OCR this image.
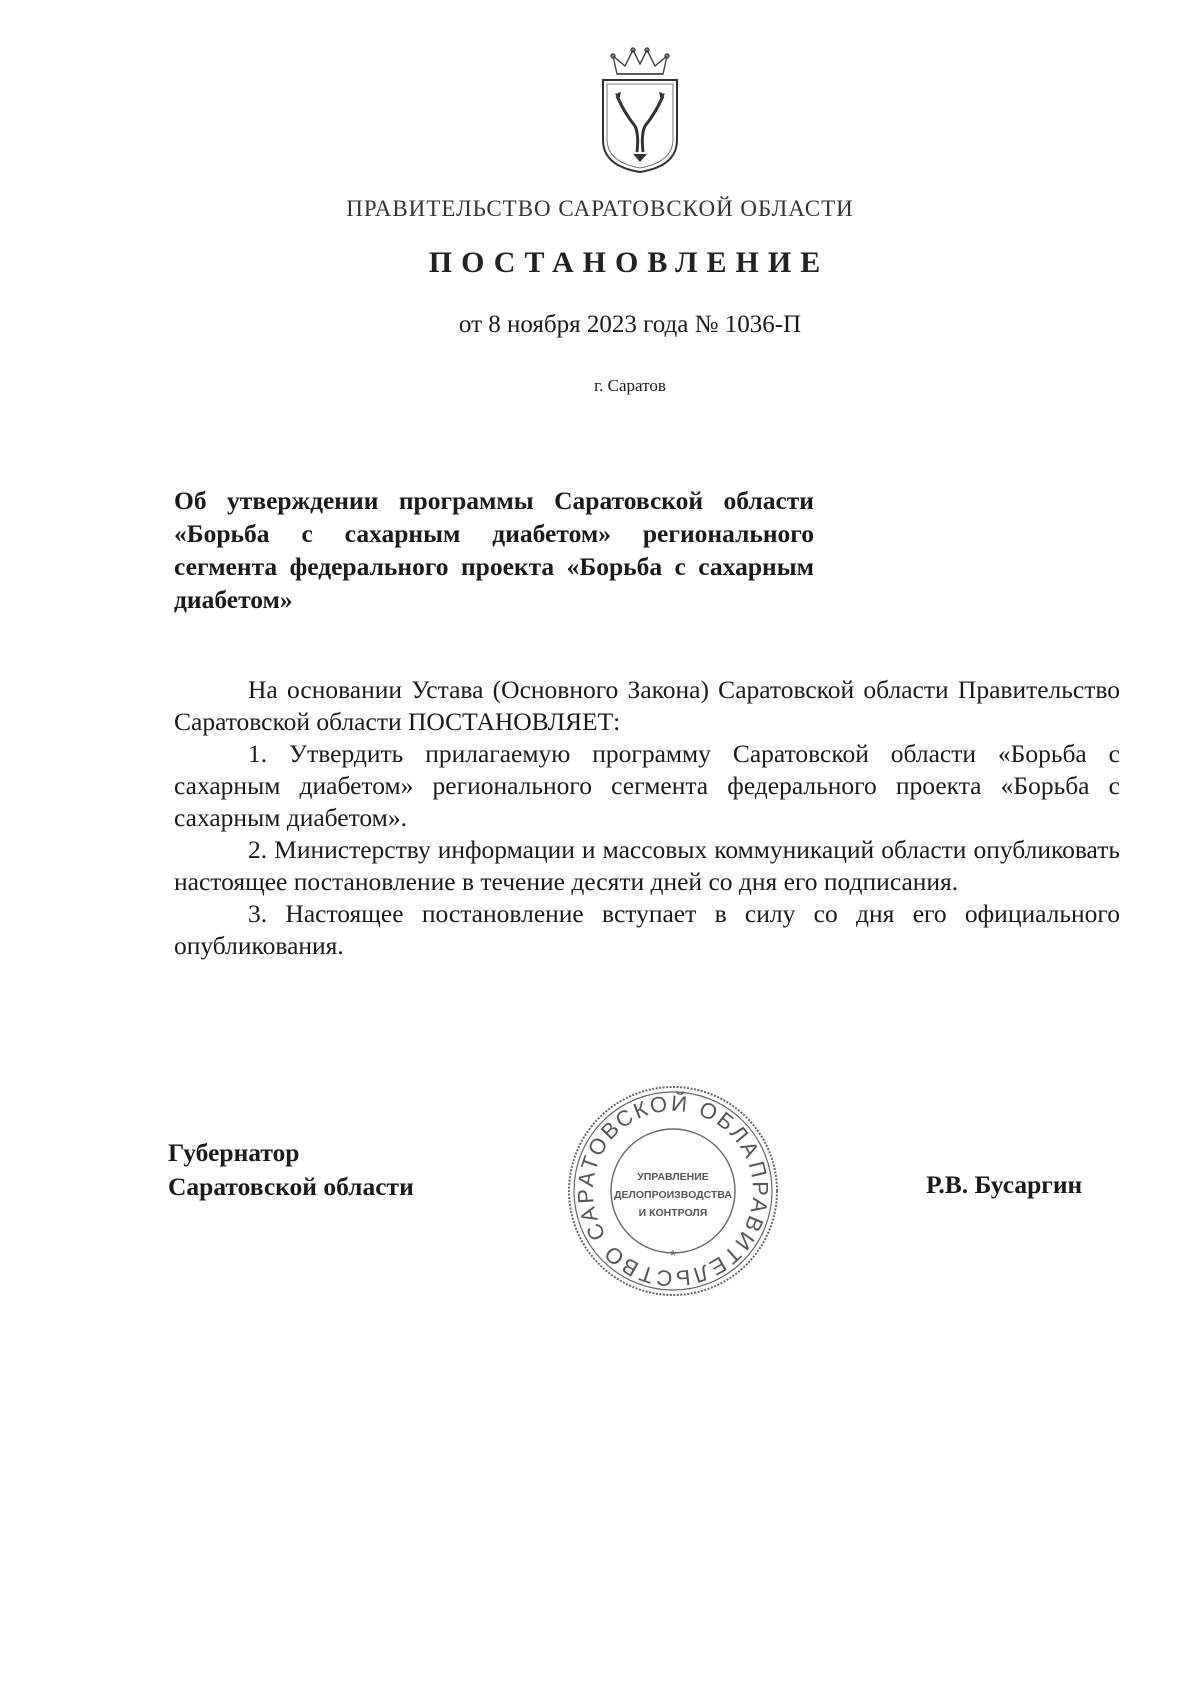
ПРАВИТЕЛЬСТВО САРАТОВСКОЙ ОБЛАСТИ
ПОСТАНОВЛЕНИЕ
от 8 ноября 2023 года № 1036-П
г. Саратов
Об утверждении программы Саратовской области «Борьба с сахарным диабетом» регионального сегмента федерального проекта «Борьба с сахарным диабетом»

На основании Устава (Основного Закона) Саратовской области Правительство Саратовской области ПОСТАНОВЛЯЕТ:

1. Утвердить прилагаемую программу Саратовской области «Борьба с сахарным диабетом» регионального сегмента федерального проекта «Борьба с сахарным диабетом».

2. Министерству информации и массовых коммуникаций области опубликовать настоящее постановление в течение десяти дней со дня его подписания.

3. Настоящее постановление вступает в силу со дня его официального опубликования.

Губернатор
Саратовской области
ПРАВИТЕЛЬСТВО САРАТОВСКОЙ ОБЛАСТИ
*
УПРАВЛЕНИЕ
ДЕЛОПРОИЗВОДСТВА
И КОНТРОЛЯ
Р.В. Бусаргин
